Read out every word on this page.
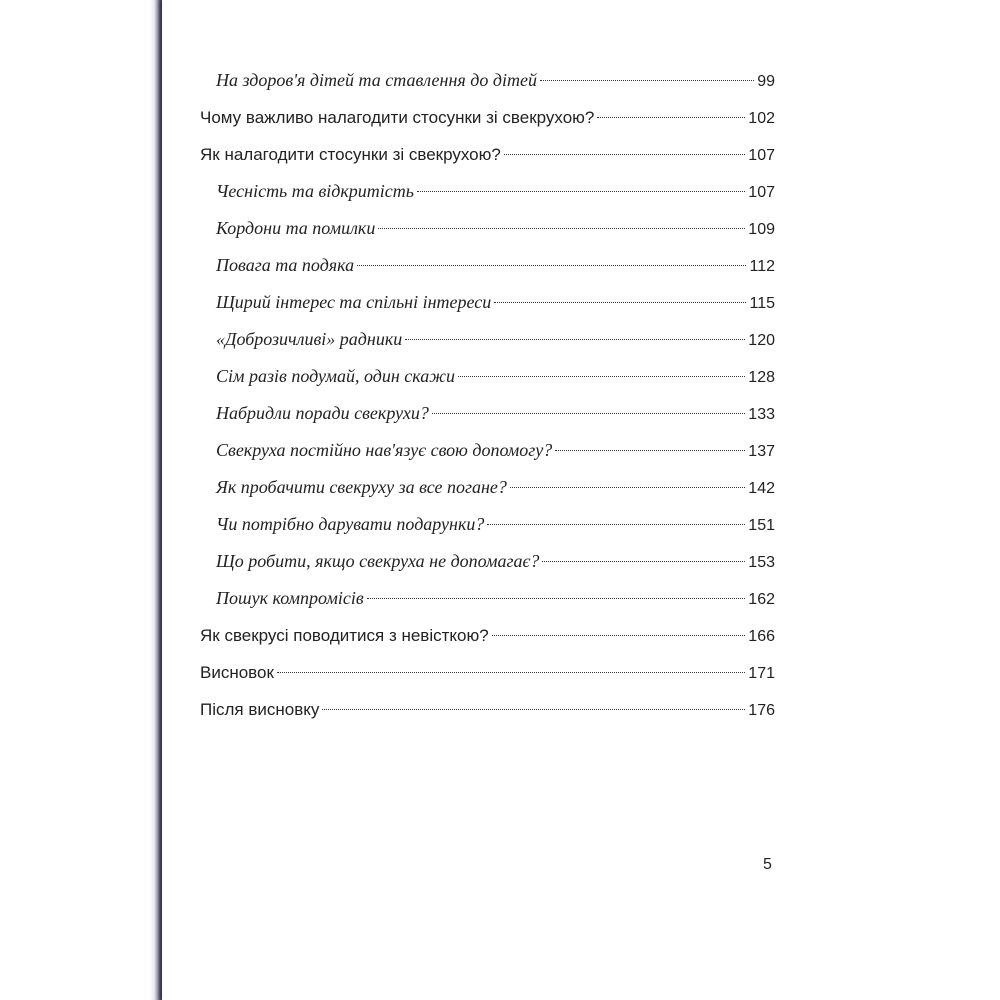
На здоров'я дітей та ставлення до дітей	99
Чому важливо налагодити стосунки зі свекрухою?	102
Як налагодити стосунки зі свекрухою?	107
Чесність та відкритість	107
Кордони та помилки	109
Повага та подяка	112
Щирий інтерес та спільні інтереси	115
«Доброзичливі» радники	120
Сім разів подумай, один скажи	128
Набридли поради свекрухи?	133
Свекруха постійно нав'язує свою допомогу?	137
Як пробачити свекруху за все погане?	142
Чи потрібно дарувати подарунки?	151
Що робити, якщо свекруха не допомагає?	153
Пошук компромісів	162
Як свекрусі поводитися з невісткою?	166
Висновок	171
Після висновку	176
5
